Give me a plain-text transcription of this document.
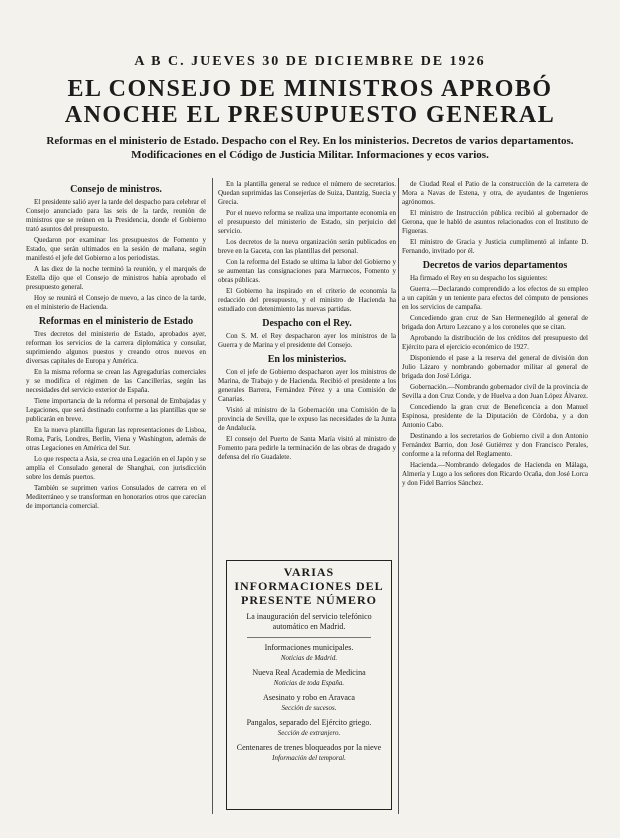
A B C. JUEVES 30 DE DICIEMBRE DE 1926
EL CONSEJO DE MINISTROS APROBÓ ANOCHE EL PRESUPUESTO GENERAL
Reformas en el ministerio de Estado. Despacho con el Rey. En los ministerios. Decretos de varios departamentos. Modificaciones en el Código de Justicia Militar. Informaciones y ecos varios.
Consejo de ministros.

El presidente salió ayer la tarde del despacho para celebrar el Consejo anunciado para las seis de la tarde, reunión de ministros que se reúnen en la Presidencia, donde el Gobierno trató asuntos del presupuesto.

Quedaron por examinar los presupuestos de Fomento y Estado, que serán ultimados en la sesión de mañana, según manifestó el jefe del Gobierno a los periodistas.

A las diez de la noche terminó la reunión, y el marqués de Estella dijo que el Consejo de ministros había aprobado el presupuesto general.

Hoy se reunirá el Consejo de nuevo, a las cinco de la tarde, en el ministerio de Hacienda.

Reformas en el ministerio de Estado

Tres decretos del ministerio de Estado, aprobados ayer, reforman los servicios de la carrera diplomática y consular, suprimiendo algunos puestos y creando otros nuevos en diversas capitales de Europa y América.

En la misma reforma se crean las Agregadurías comerciales y se modifica el régimen de las Cancillerías, según las necesidades del servicio exterior de España.

Tiene importancia de la reforma el personal de Embajadas y Legaciones, que será destinado conforme a las plantillas que se publicarán en breve.

En la nueva plantilla figuran las representaciones de Lisboa, Roma, París, Londres, Berlín, Viena y Washington, además de otras Legaciones en América del Sur.

Lo que respecta a Asia, se crea una Legación en el Japón y se amplía el Consulado general de Shanghai, con jurisdicción sobre los demás puertos.

También se suprimen varios Consulados de carrera en el Mediterráneo y se transforman en honorarios otros que carecían de importancia comercial.

En la plantilla general se reduce el número de secretarios. Quedan suprimidas las Consejerías de Suiza, Dantzig, Suecia y Grecia.

Por el nuevo reforma se realiza una importante economía en el presupuesto del ministerio de Estado, sin perjuicio del servicio.

Los decretos de la nueva organización serán publicados en breve en la Gaceta, con las plantillas del personal.

Con la reforma del Estado se ultima la labor del Gobierno y se aumentan las consignaciones para Marruecos, Fomento y obras públicas.

El Gobierno ha inspirado en el criterio de economía la redacción del presupuesto, y el ministro de Hacienda ha estudiado con detenimiento las nuevas partidas.

Despacho con el Rey.

Con S. M. el Rey despacharon ayer los ministros de la Guerra y de Marina y el presidente del Consejo.

En los ministerios.

Con el jefe de Gobierno despacharon ayer los ministros de Marina, de Trabajo y de Hacienda. Recibió el presidente a los generales Barrera, Fernández Pérez y a una Comisión de Canarias.

Visitó al ministro de la Gobernación una Comisión de la provincia de Sevilla, que le expuso las necesidades de la Junta de Andalucía.

El consejo del Puerto de Santa María visitó al ministro de Fomento para pedirle la terminación de las obras de dragado y defensa del río Guadalete.

VARIAS INFORMACIONES DEL PRESENTE NÚMERO
La inauguración del servicio telefónico automático en Madrid.
Informaciones municipales.
Noticias de Madrid.
Nueva Real Academia de Medicina
Noticias de toda España.
Asesinato y robo en Aravaca
Sección de sucesos.
Pangalos, separado del Ejército griego.
Sección de extranjero.
Centenares de trenes bloqueados por la nieve
Información del temporal.

de Ciudad Real el Patio de la construcción de la carretera de Mora a Navas de Estena, y otra, de ayudantes de Ingenieros agrónomos.

El ministro de Instrucción pública recibió al gobernador de Gerona, que le habló de asuntos relacionados con el Instituto de Figueras.

El ministro de Gracia y Justicia cumplimentó al infante D. Fernando, invitado por él.

Decretos de varios departamentos

Ha firmado el Rey en su despacho los siguientes:

Guerra.—Declarando comprendido a los efectos de su empleo a un capitán y un teniente para efectos del cómputo de pensiones en los servicios de campaña.

Concediendo gran cruz de San Hermenegildo al general de brigada don Arturo Lezcano y a los coroneles que se citan.

Aprobando la distribución de los créditos del presupuesto del Ejército para el ejercicio económico de 1927.

Disponiendo el pase a la reserva del general de división don Julio Lázaro y nombrando gobernador militar al general de brigada don José Lóriga.

Gobernación.—Nombrando gobernador civil de la provincia de Sevilla a don Cruz Conde, y de Huelva a don Juan López Álvarez.

Concediendo la gran cruz de Beneficencia a don Manuel Espinosa, presidente de la Diputación de Córdoba, y a don Antonio Cabo.

Destinando a los secretarios de Gobierno civil a don Antonio Fernández Barrio, don José Gutiérrez y don Francisco Perales, conforme a la reforma del Reglamento.

Hacienda.—Nombrando delegados de Hacienda en Málaga, Almería y Lugo a los señores don Ricardo Ocaña, don José Lorca y don Fidel Barrios Sánchez.
